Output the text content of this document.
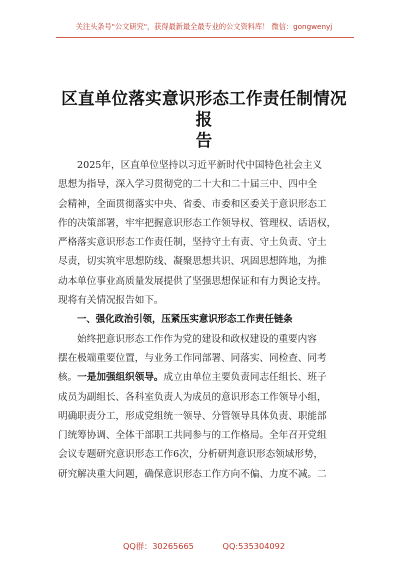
关注头条号"公文研究"，获得最新最全最专业的公文资料库！ 微信：gongwenyj
区直单位落实意识形态工作责任制情况报
告

2025年，区直单位坚持以习近平新时代中国特色社会主义
思想为指导，深入学习贯彻党的二十大和二十届三中、四中全
会精神，全面贯彻落实中央、省委、市委和区委关于意识形态工
作的决策部署，牢牢把握意识形态工作领导权、管理权、话语权，
严格落实意识形态工作责任制，坚持守土有责、守土负责、守土
尽责，切实筑牢思想防线、凝聚思想共识、巩固思想阵地，为推
动本单位事业高质量发展提供了坚强思想保证和有力舆论支持。
现将有关情况报告如下。

一、强化政治引领，压紧压实意识形态工作责任链条

始终把意识形态工作作为党的建设和政权建设的重要内容
摆在极端重要位置，与业务工作同部署、同落实、同检查、同考
核。一是加强组织领导。成立由单位主要负责同志任组长、班子
成员为副组长、各科室负责人为成员的意识形态工作领导小组，
明确职责分工，形成党组统一领导、分管领导具体负责、职能部
门统筹协调、全体干部职工共同参与的工作格局。全年召开党组
会议专题研究意识形态工作6次，分析研判意识形态领域形势，
研究解决重大问题，确保意识形态工作方向不偏、力度不减。二

QQ群：30265665	QQ:535304092
